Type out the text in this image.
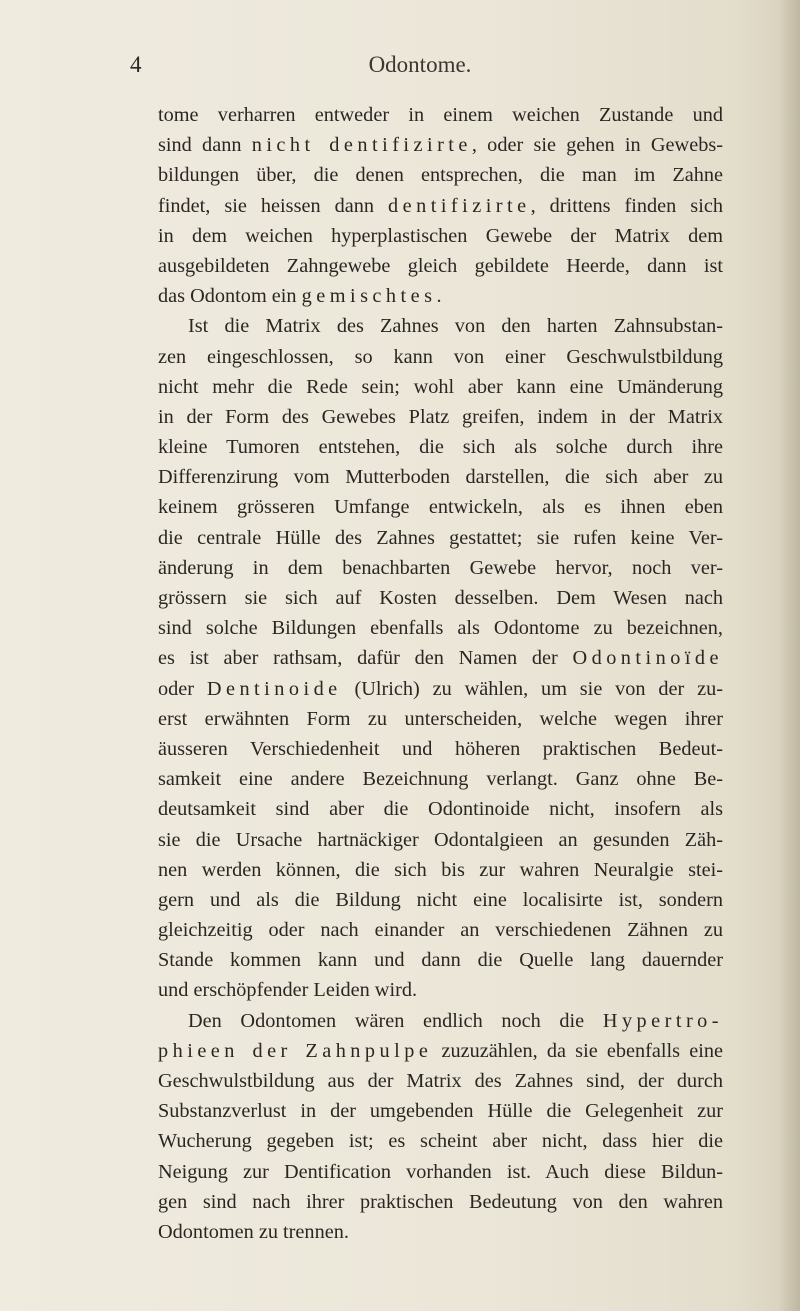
4	Odontome.
tome verharren entweder in einem weichen Zustande und
sind dann nicht dentifizirte, oder sie gehen in Gewebs-
bildungen über, die denen entsprechen, die man im Zahne
findet, sie heissen dann dentifizirte, drittens finden sich
in dem weichen hyperplastischen Gewebe der Matrix dem
ausgebildeten Zahngewebe gleich gebildete Heerde, dann ist
das Odontom ein gemischtes.
Ist die Matrix des Zahnes von den harten Zahnsubstan-
zen eingeschlossen, so kann von einer Geschwulstbildung
nicht mehr die Rede sein; wohl aber kann eine Umänderung
in der Form des Gewebes Platz greifen, indem in der Matrix
kleine Tumoren entstehen, die sich als solche durch ihre
Differenzirung vom Mutterboden darstellen, die sich aber zu
keinem grösseren Umfange entwickeln, als es ihnen eben
die centrale Hülle des Zahnes gestattet; sie rufen keine Ver-
änderung in dem benachbarten Gewebe hervor, noch ver-
grössern sie sich auf Kosten desselben. Dem Wesen nach
sind solche Bildungen ebenfalls als Odontome zu bezeichnen,
es ist aber rathsam, dafür den Namen der Odontinoïde
oder Dentinoide (Ulrich) zu wählen, um sie von der zu-
erst erwähnten Form zu unterscheiden, welche wegen ihrer
äusseren Verschiedenheit und höheren praktischen Bedeut-
samkeit eine andere Bezeichnung verlangt. Ganz ohne Be-
deutsamkeit sind aber die Odontinoide nicht, insofern als
sie die Ursache hartnäckiger Odontalgieen an gesunden Zäh-
nen werden können, die sich bis zur wahren Neuralgie stei-
gern und als die Bildung nicht eine localisirte ist, sondern
gleichzeitig oder nach einander an verschiedenen Zähnen zu
Stande kommen kann und dann die Quelle lang dauernder
und erschöpfender Leiden wird.
Den Odontomen wären endlich noch die Hypertro-
phieen der Zahnpulpe zuzuzählen, da sie ebenfalls eine
Geschwulstbildung aus der Matrix des Zahnes sind, der durch
Substanzverlust in der umgebenden Hülle die Gelegenheit zur
Wucherung gegeben ist; es scheint aber nicht, dass hier die
Neigung zur Dentification vorhanden ist. Auch diese Bildun-
gen sind nach ihrer praktischen Bedeutung von den wahren
Odontomen zu trennen.
